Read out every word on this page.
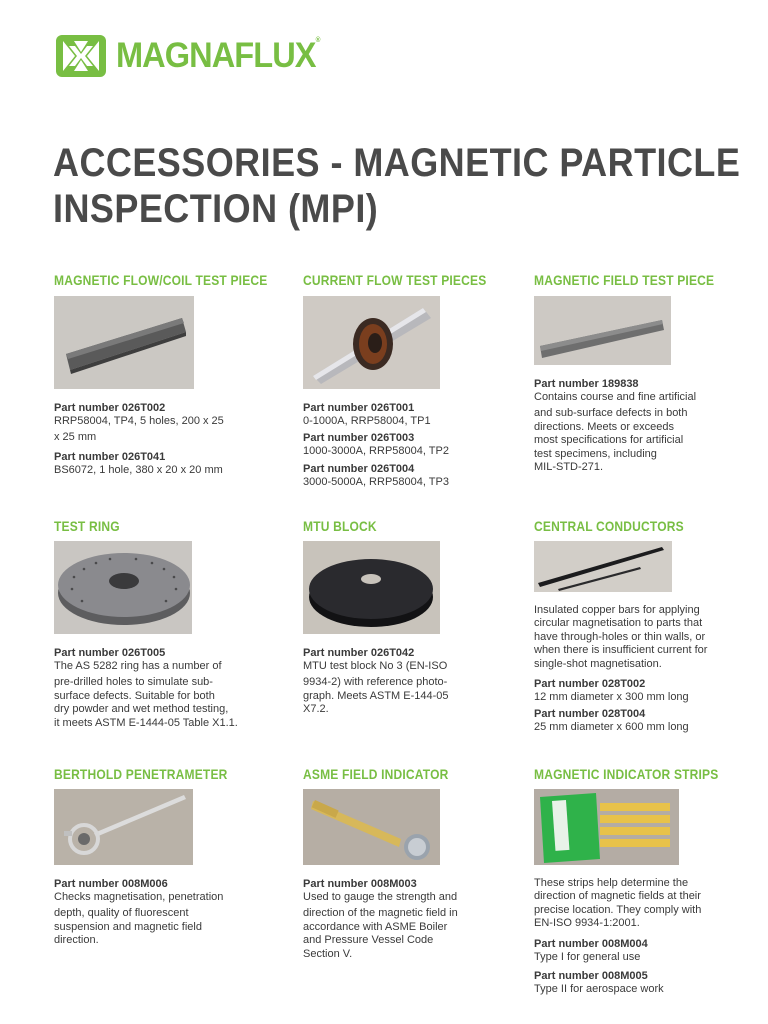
MAGNAFLUX®
ACCESSORIES - MAGNETIC PARTICLE
INSPECTION (MPI)
MAGNETIC FLOW/COIL TEST PIECE
Part number 026T002
RRP58004, TP4, 5 holes, 200 x 25
x 25 mm
Part number 026T041
BS6072, 1 hole, 380 x 20 x 20 mm
CURRENT FLOW TEST PIECES
Part number 026T001
0-1000A, RRP58004, TP1
Part number 026T003
1000-3000A, RRP58004, TP2
Part number 026T004
3000-5000A, RRP58004, TP3
MAGNETIC FIELD TEST PIECE
Part number 189838
Contains course and fine artificial
and sub-surface defects in both
directions. Meets or exceeds
most specifications for artificial
test specimens, including
MIL-STD-271.
TEST RING
Part number 026T005
The AS 5282 ring has a number of
pre-drilled holes to simulate sub-
surface defects. Suitable for both
dry powder and wet method testing,
it meets ASTM E-1444-05 Table X1.1.
MTU BLOCK
Part number 026T042
MTU test block No 3 (EN-ISO
9934-2) with reference photo-
graph. Meets ASTM E-144-05
X7.2.
CENTRAL CONDUCTORS
Insulated copper bars for applying
circular magnetisation to parts that
have through-holes or thin walls, or
when there is insufficient current for
single-shot magnetisation.
Part number 028T002
12 mm diameter x 300 mm long
Part number 028T004
25 mm diameter x 600 mm long
BERTHOLD PENETRAMETER
Part number 008M006
Checks magnetisation, penetration
depth, quality of fluorescent
suspension and magnetic field
direction.
ASME FIELD INDICATOR
Part number 008M003
Used to gauge the strength and
direction of the magnetic field in
accordance with ASME Boiler
and Pressure Vessel Code
Section V.
MAGNETIC INDICATOR STRIPS
These strips help determine the
direction of magnetic fields at their
precise location. They comply with
EN-ISO 9934-1:2001.
Part number 008M004
Type I for general use
Part number 008M005
Type II for aerospace work
